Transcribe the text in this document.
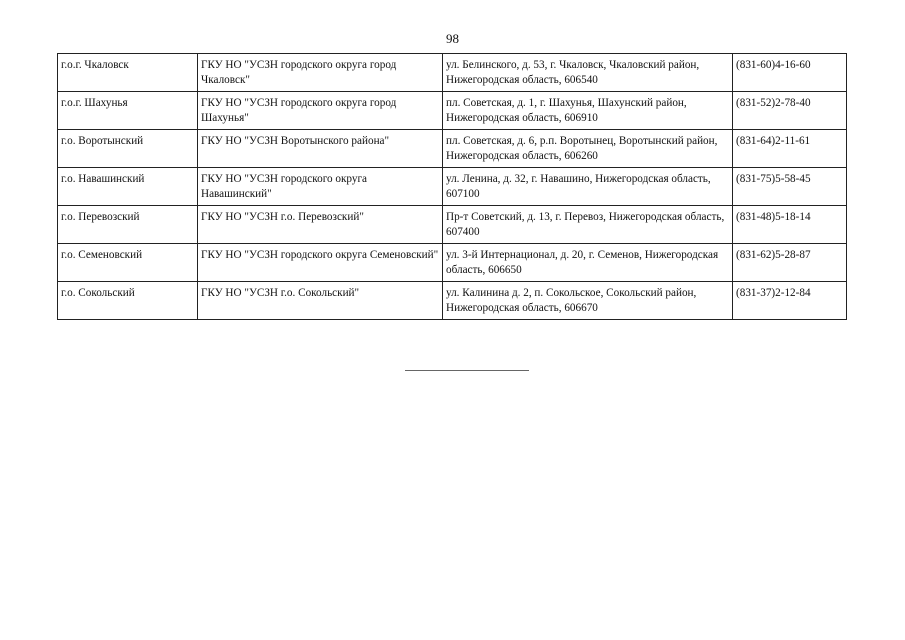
98
г.о.г. Чкаловск	ГКУ НО "УСЗН городского округа город Чкаловск"	ул. Белинского, д. 53, г. Чкаловск, Чкаловский район, Нижегородская область, 606540	(831-60)4-16-60
г.о.г. Шахунья	ГКУ НО "УСЗН городского округа город Шахунья"	пл. Советская, д. 1, г. Шахунья, Шахунский район, Нижегородская область, 606910	(831-52)2-78-40
г.о. Воротынский	ГКУ НО "УСЗН Воротынского района"	пл. Советская, д. 6, р.п. Воротынец, Воротынский район, Нижегородская область, 606260	(831-64)2-11-61
г.о. Навашинский	ГКУ НО "УСЗН городского округа Навашинский"	ул. Ленина, д. 32, г. Навашино, Нижегородская область, 607100	(831-75)5-58-45
г.о. Перевозский	ГКУ НО "УСЗН г.о. Перевозский"	Пр-т Советский, д. 13, г. Перевоз, Нижегородская область, 607400	(831-48)5-18-14
г.о. Семеновский	ГКУ НО "УСЗН городского округа Семеновский"	ул. 3-й Интернационал, д. 20, г. Семенов, Нижегородская область, 606650	(831-62)5-28-87
г.о. Сокольский	ГКУ НО "УСЗН г.о. Сокольский"	ул. Калинина д. 2, п. Сокольское, Сокольский район, Нижегородская область, 606670	(831-37)2-12-84
